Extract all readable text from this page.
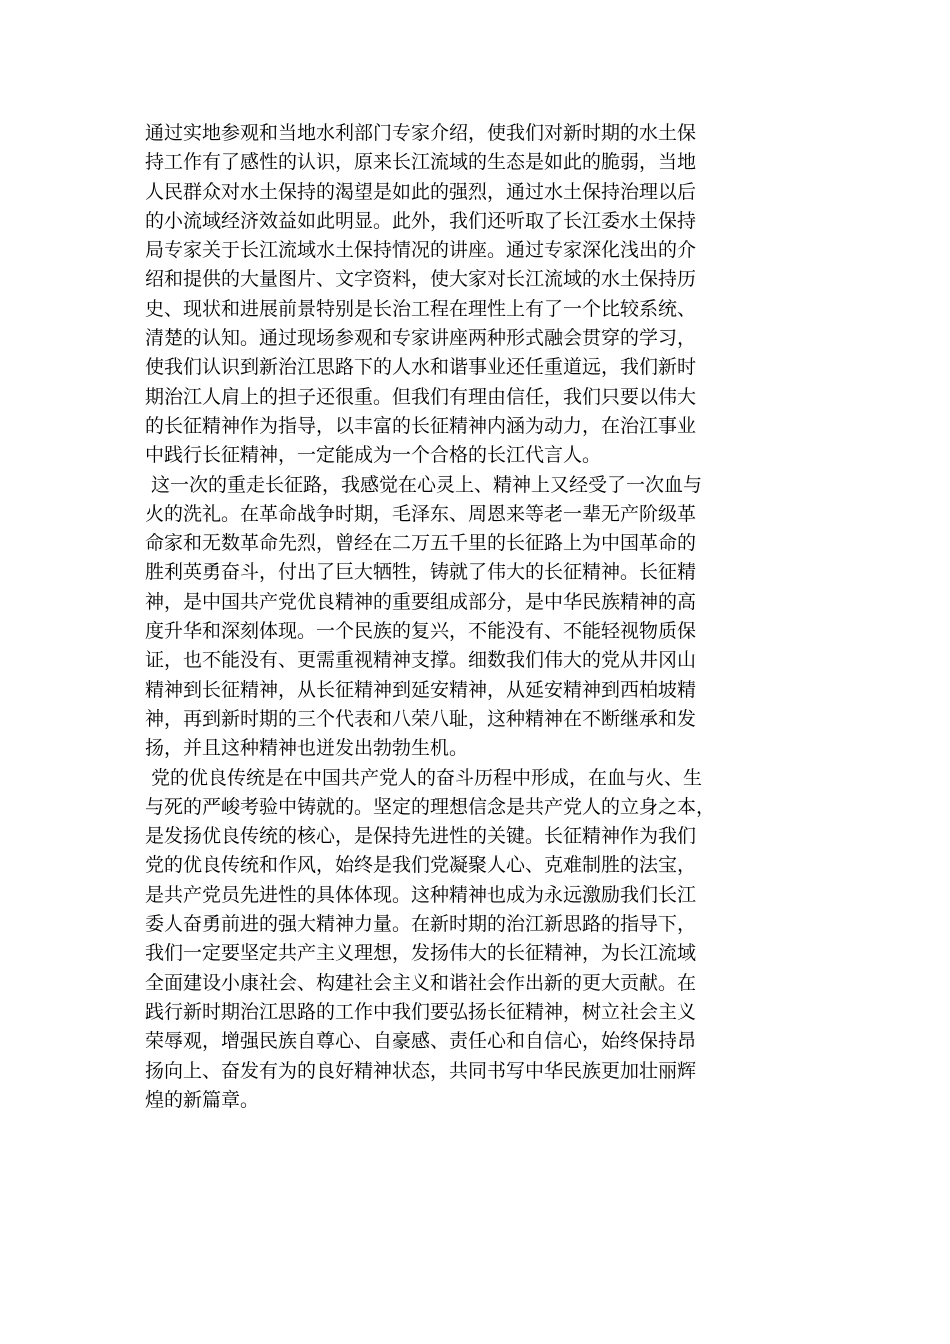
通过实地参观和当地水利部门专家介绍，使我们对新时期的水土保
持工作有了感性的认识，原来长江流域的生态是如此的脆弱，当地
人民群众对水土保持的渴望是如此的强烈，通过水土保持治理以后
的小流域经济效益如此明显。此外，我们还听取了长江委水土保持
局专家关于长江流域水土保持情况的讲座。通过专家深化浅出的介
绍和提供的大量图片、文字资料，使大家对长江流域的水土保持历
史、现状和进展前景特别是长治工程在理性上有了一个比较系统、
清楚的认知。通过现场参观和专家讲座两种形式融会贯穿的学习，
使我们认识到新治江思路下的人水和谐事业还任重道远，我们新时
期治江人肩上的担子还很重。但我们有理由信任，我们只要以伟大
的长征精神作为指导，以丰富的长征精神内涵为动力，在治江事业
中践行长征精神，一定能成为一个合格的长江代言人。
这一次的重走长征路，我感觉在心灵上、精神上又经受了一次血与
火的洗礼。在革命战争时期，毛泽东、周恩来等老一辈无产阶级革
命家和无数革命先烈，曾经在二万五千里的长征路上为中国革命的
胜利英勇奋斗，付出了巨大牺牲，铸就了伟大的长征精神。长征精
神，是中国共产党优良精神的重要组成部分，是中华民族精神的高
度升华和深刻体现。一个民族的复兴，不能没有、不能轻视物质保
证，也不能没有、更需重视精神支撑。细数我们伟大的党从井冈山
精神到长征精神，从长征精神到延安精神，从延安精神到西柏坡精
神，再到新时期的三个代表和八荣八耻，这种精神在不断继承和发
扬，并且这种精神也迸发出勃勃生机。
党的优良传统是在中国共产党人的奋斗历程中形成，在血与火、生
与死的严峻考验中铸就的。坚定的理想信念是共产党人的立身之本，
是发扬优良传统的核心，是保持先进性的关键。长征精神作为我们
党的优良传统和作风，始终是我们党凝聚人心、克难制胜的法宝，
是共产党员先进性的具体体现。这种精神也成为永远激励我们长江
委人奋勇前进的强大精神力量。在新时期的治江新思路的指导下，
我们一定要坚定共产主义理想，发扬伟大的长征精神，为长江流域
全面建设小康社会、构建社会主义和谐社会作出新的更大贡献。在
践行新时期治江思路的工作中我们要弘扬长征精神，树立社会主义
荣辱观，增强民族自尊心、自豪感、责任心和自信心，始终保持昂
扬向上、奋发有为的良好精神状态，共同书写中华民族更加壮丽辉
煌的新篇章。
